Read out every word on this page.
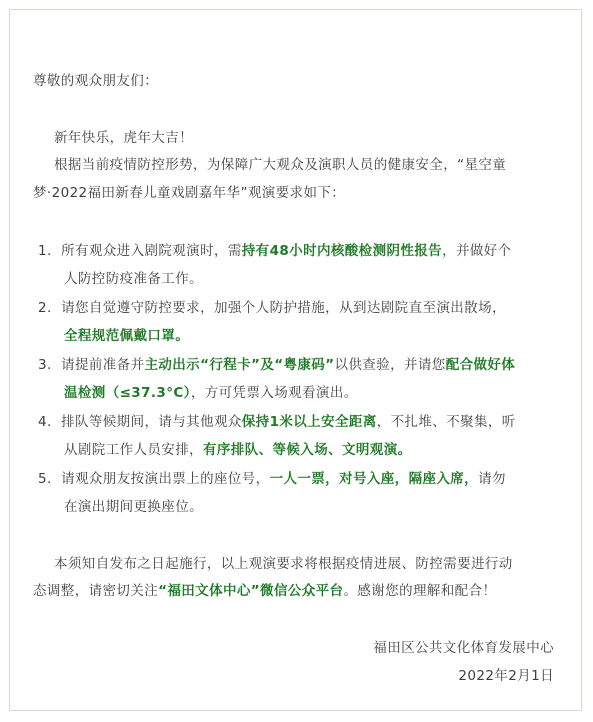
尊敬的观众朋友们：
新年快乐，虎年大吉！
根据当前疫情防控形势，为保障广大观众及演职人员的健康安全，“星空童
梦·2022福田新春儿童戏剧嘉年华”观演要求如下：
1. 所有观众进入剧院观演时，需持有48小时内核酸检测阴性报告，并做好个
人防控防疫准备工作。
2. 请您自觉遵守防控要求，加强个人防护措施，从到达剧院直至演出散场，
全程规范佩戴口罩。
3. 请提前准备并主动出示“行程卡”及“粤康码”以供查验，并请您配合做好体
温检测（≤37.3°C），方可凭票入场观看演出。
4. 排队等候期间，请与其他观众保持1米以上安全距离，不扎堆、不聚集，听
从剧院工作人员安排，有序排队、等候入场、文明观演。
5. 请观众朋友按演出票上的座位号，一人一票，对号入座，隔座入席，请勿
在演出期间更换座位。
本须知自发布之日起施行，以上观演要求将根据疫情进展、防控需要进行动
态调整，请密切关注“福田文体中心”微信公众平台。感谢您的理解和配合！
福田区公共文化体育发展中心
2022年2月1日
